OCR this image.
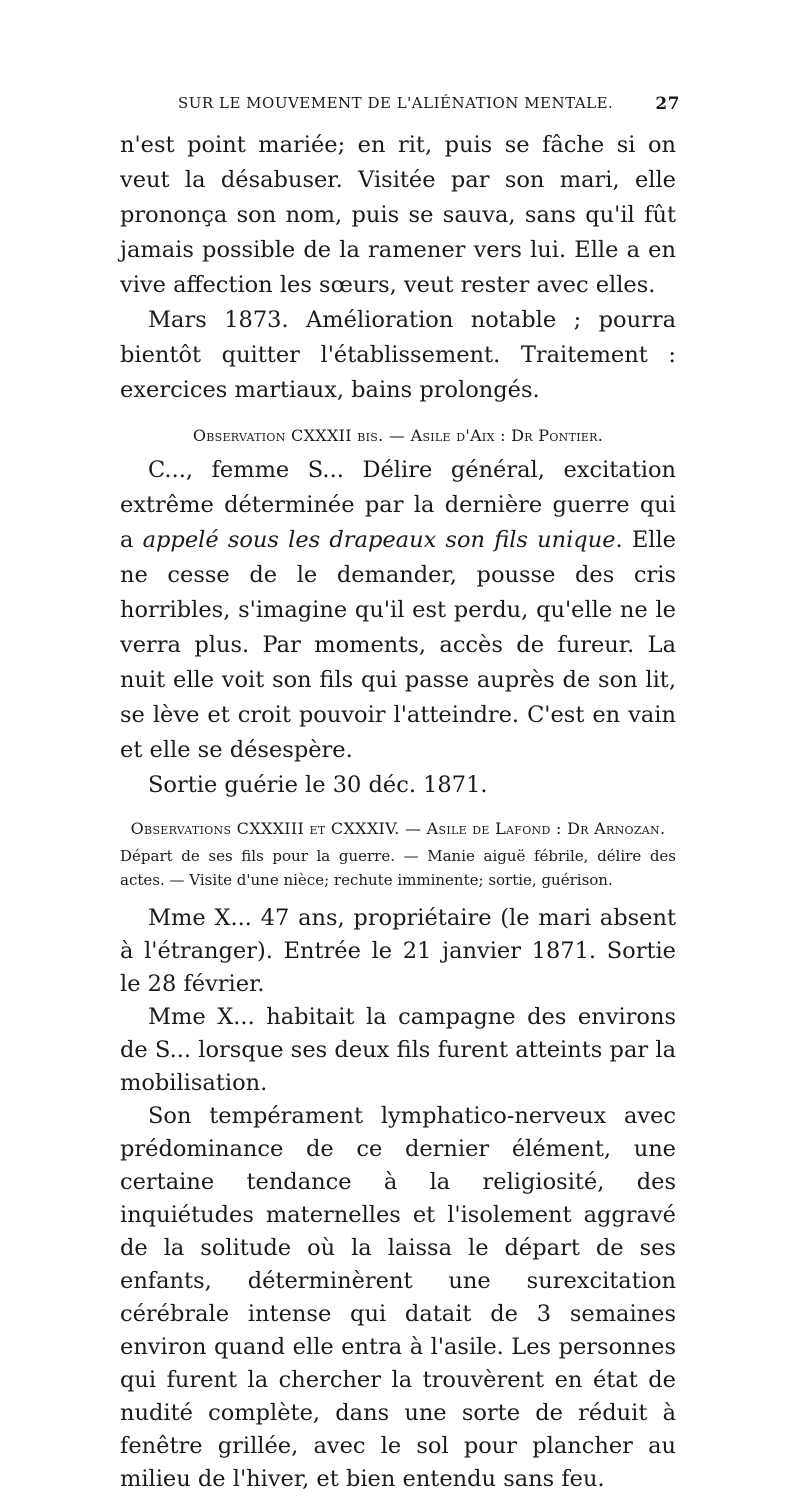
SUR LE MOUVEMENT DE L'ALIÉNATION MENTALE. 27

n'est point mariée; en rit, puis se fâche si on veut la désabuser. Visitée par son mari, elle prononça son nom, puis se sauva, sans qu'il fût jamais possible de la ramener vers lui. Elle a en vive affection les sœurs, veut rester avec elles.

Mars 1873. Amélioration notable ; pourra bientôt quitter l'établissement. Traitement : exercices martiaux, bains prolongés.

Observation CXXXII bis. — Asile d'Aix : Dr Pontier.

C..., femme S... Délire général, excitation extrême déterminée par la dernière guerre qui a appelé sous les drapeaux son fils unique. Elle ne cesse de le demander, pousse des cris horribles, s'imagine qu'il est perdu, qu'elle ne le verra plus. Par moments, accès de fureur. La nuit elle voit son fils qui passe auprès de son lit, se lève et croit pouvoir l'atteindre. C'est en vain et elle se désespère.

Sortie guérie le 30 déc. 1871.

Observations CXXXIII et CXXXIV. — Asile de Lafond : Dr Arnozan.

Départ de ses fils pour la guerre. — Manie aiguë fébrile, délire des actes. — Visite d'une nièce; rechute imminente; sortie, guérison.

Mme X... 47 ans, propriétaire (le mari absent à l'étranger). Entrée le 21 janvier 1871. Sortie le 28 février.

Mme X... habitait la campagne des environs de S... lorsque ses deux fils furent atteints par la mobilisation.

Son tempérament lymphatico-nerveux avec prédominance de ce dernier élément, une certaine tendance à la religiosité, des inquiétudes maternelles et l'isolement aggravé de la solitude où la laissa le départ de ses enfants, déterminèrent une surexcitation cérébrale intense qui datait de 3 semaines environ quand elle entra à l'asile. Les personnes qui furent la chercher la trouvèrent en état de nudité complète, dans une sorte de réduit à fenêtre grillée, avec le sol pour plancher au milieu de l'hiver, et bien entendu sans feu.
